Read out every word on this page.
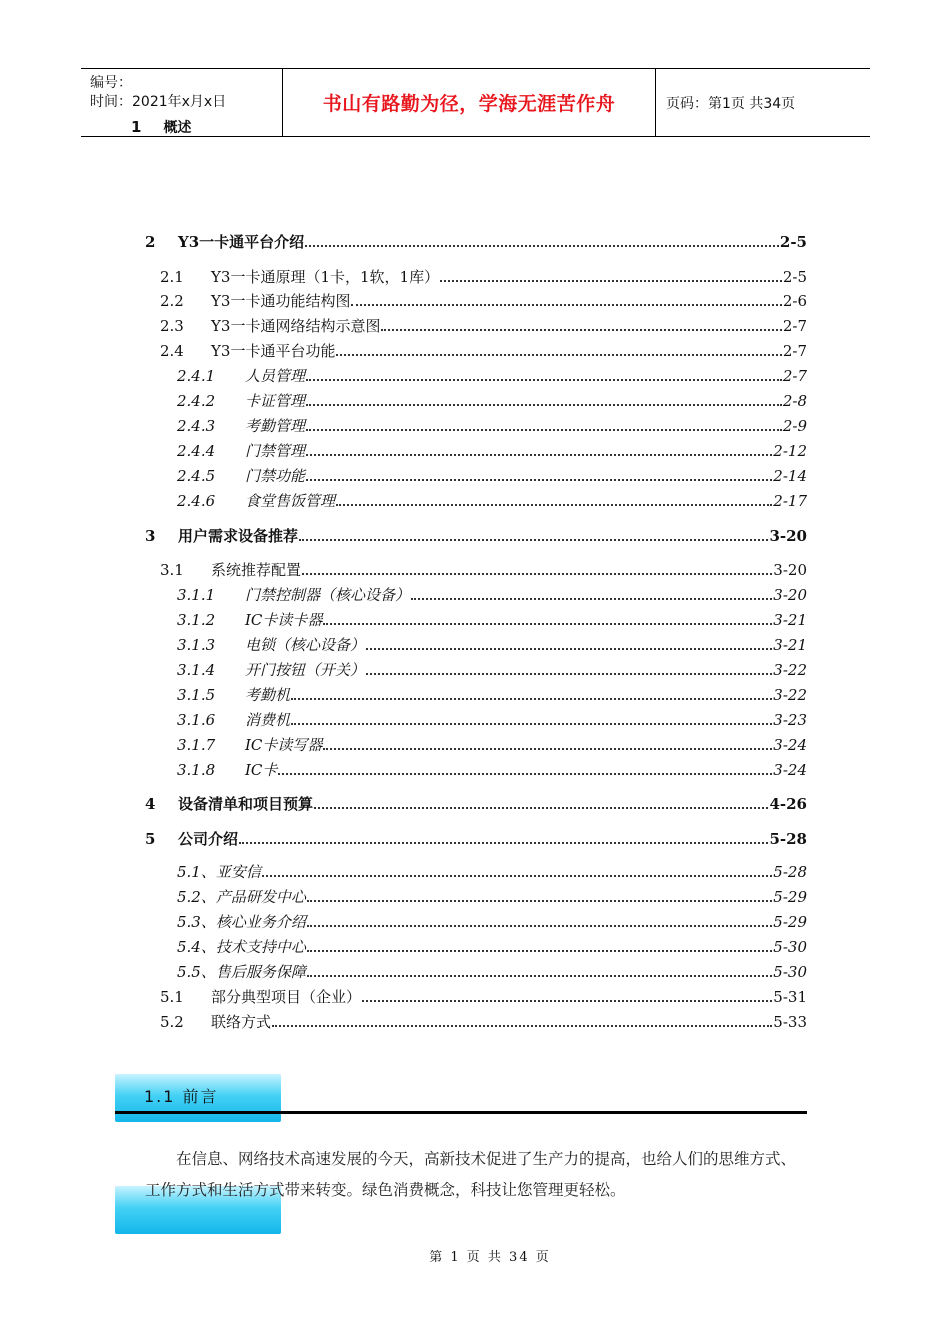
编号：
时间：2021年x月x日
1 概述
书山有路勤为径，学海无涯苦作舟	页码：第1页 共34页
2 Y3一卡通平台介绍	2-5
2.1 Y3一卡通原理（1卡，1软，1库）	2-5
2.2 Y3一卡通功能结构图	2-6
2.3 Y3一卡通网络结构示意图	2-7
2.4 Y3一卡通平台功能	2-7
2.4.1 人员管理	2-7
2.4.2 卡证管理	2-8
2.4.3 考勤管理	2-9
2.4.4 门禁管理	2-12
2.4.5 门禁功能	2-14
2.4.6 食堂售饭管理	2-17
3 用户需求设备推荐	3-20
3.1 系统推荐配置	3-20
3.1.1 门禁控制器（核心设备）	3-20
3.1.2 IC卡读卡器	3-21
3.1.3 电锁（核心设备）	3-21
3.1.4 开门按钮（开关）	3-22
3.1.5 考勤机	3-22
3.1.6 消费机	3-23
3.1.7 IC卡读写器	3-24
3.1.8 IC卡	3-24
4 设备清单和项目预算	4-26
5 公司介绍	5-28
5.1、亚安信	5-28
5.2、产品研发中心	5-29
5.3、核心业务介绍	5-29
5.4、技术支持中心	5-30
5.5、售后服务保障	5-30
5.1 部分典型项目（企业）	5-31
5.2 联络方式	5-33
1.1 前言
在信息、网络技术高速发展的今天，高新技术促进了生产力的提高，也给人们的思维方式、工作方式和生活方式带来转变。绿色消费概念，科技让您管理更轻松。
第 1 页 共 34 页
